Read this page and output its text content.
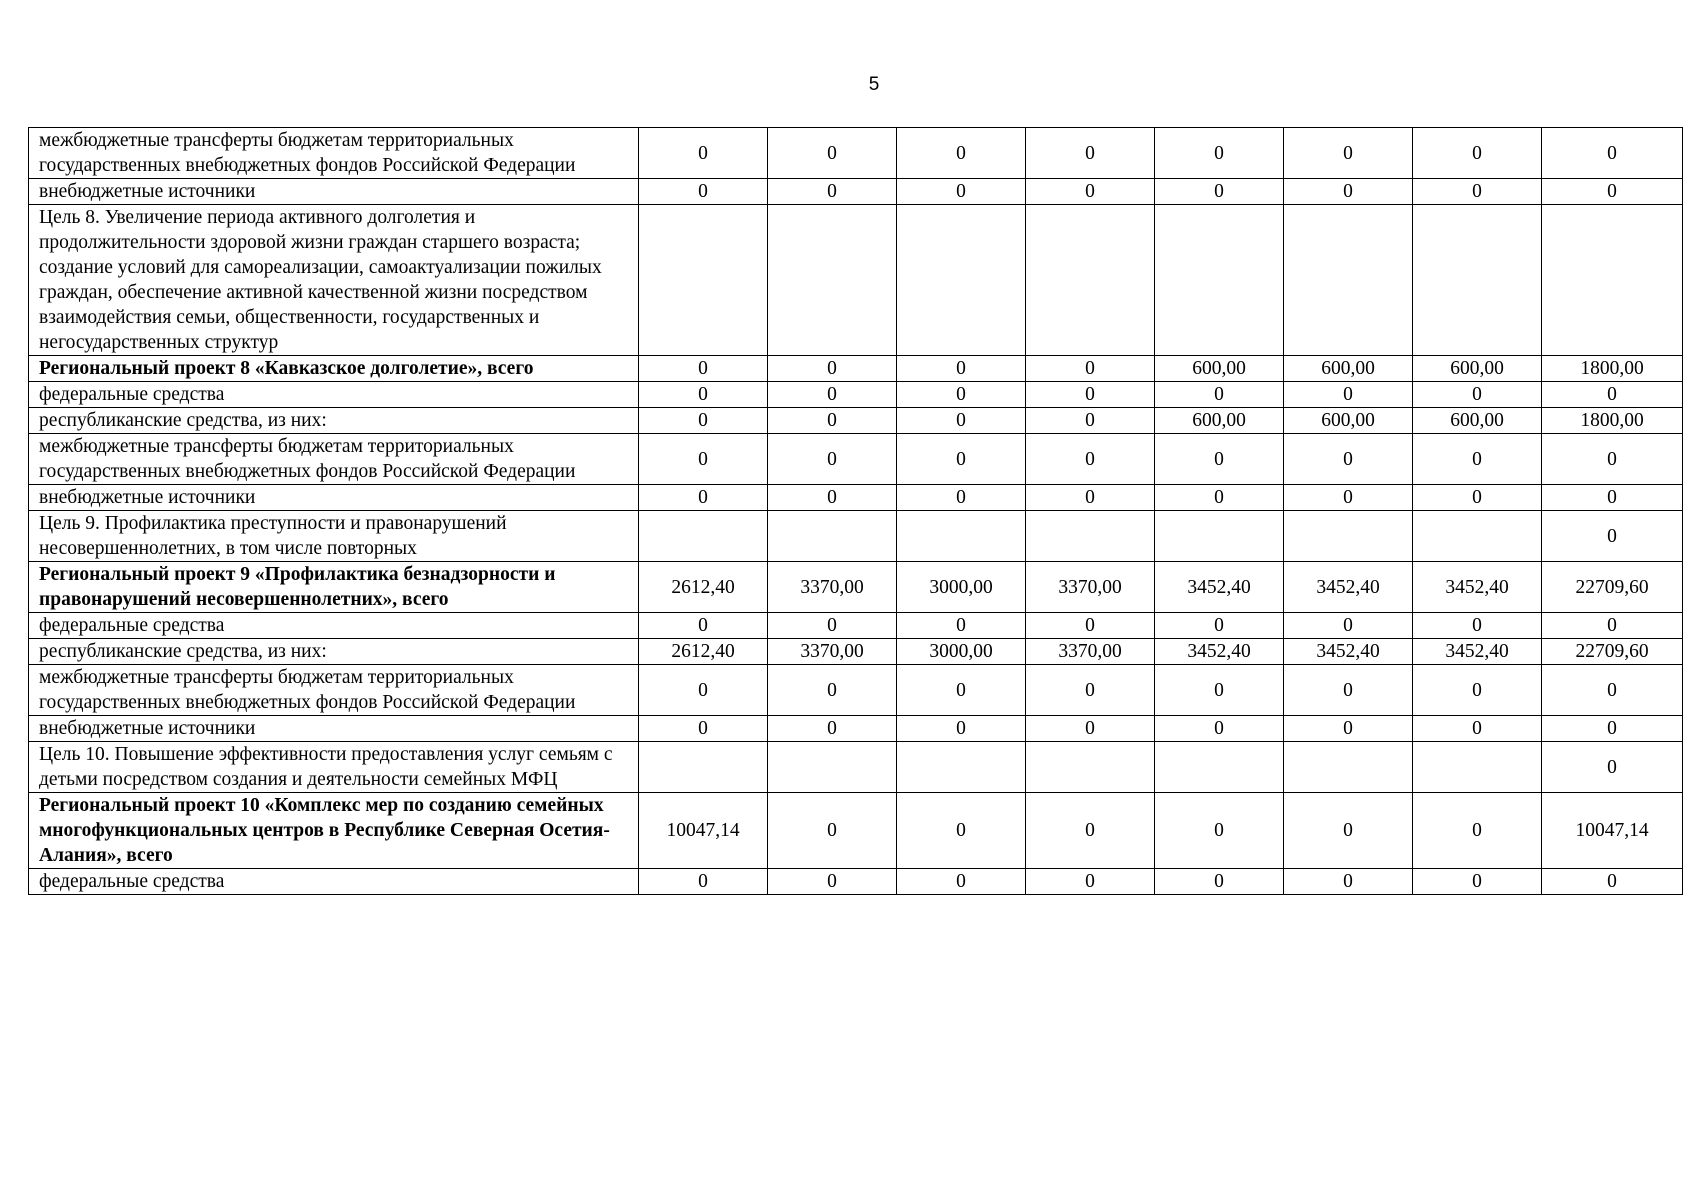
5
межбюджетные трансферты бюджетам территориальных государственных внебюджетных фондов Российской Федерации	0	0	0	0	0	0	0	0
внебюджетные источники	0	0	0	0	0	0	0	0
Цель 8. Увеличение периода активного долголетия и продолжительности здоровой жизни граждан старшего возраста; создание условий для самореализации, самоактуализации пожилых граждан, обеспечение активной качественной жизни посредством взаимодействия семьи, общественности, государственных и негосударственных структур								
Региональный проект 8 «Кавказское долголетие», всего	0	0	0	0	600,00	600,00	600,00	1800,00
федеральные средства	0	0	0	0	0	0	0	0
республиканские средства, из них:	0	0	0	0	600,00	600,00	600,00	1800,00
межбюджетные трансферты бюджетам территориальных государственных внебюджетных фондов Российской Федерации	0	0	0	0	0	0	0	0
внебюджетные источники	0	0	0	0	0	0	0	0
Цель 9. Профилактика преступности и правонарушений несовершеннолетних, в том числе повторных								0
Региональный проект 9 «Профилактика безнадзорности и правонарушений несовершеннолетних», всего	2612,40	3370,00	3000,00	3370,00	3452,40	3452,40	3452,40	22709,60
федеральные средства	0	0	0	0	0	0	0	0
республиканские средства, из них:	2612,40	3370,00	3000,00	3370,00	3452,40	3452,40	3452,40	22709,60
межбюджетные трансферты бюджетам территориальных государственных внебюджетных фондов Российской Федерации	0	0	0	0	0	0	0	0
внебюджетные источники	0	0	0	0	0	0	0	0
Цель 10. Повышение эффективности предоставления услуг семьям с детьми посредством создания и деятельности семейных МФЦ								0
Региональный проект 10 «Комплекс мер по созданию семейных многофункциональных центров в Республике Северная Осетия-Алания», всего	10047,14	0	0	0	0	0	0	10047,14
федеральные средства	0	0	0	0	0	0	0	0
